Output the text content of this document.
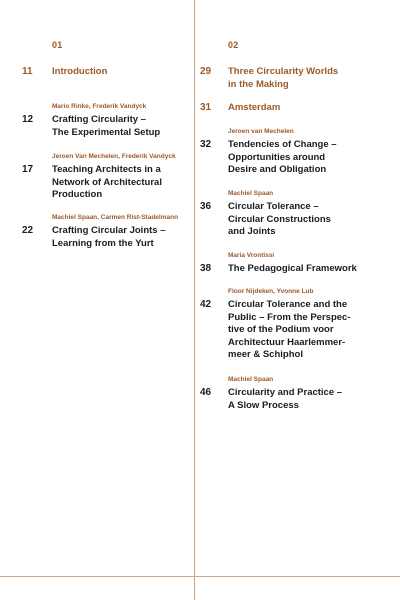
01
11 Introduction
12
Mario Rinke, Frederik Vandyck
Crafting Circularity –
The Experimental Setup
17
Jeroen Van Mechelen, Frederik Vandyck
Teaching Architects in a
Network of Architectural
Production
22
Machiel Spaan, Carmen Rist-Stadelmann
Crafting Circular Joints –
Learning from the Yurt
02
29 Three Circularity Worlds
in the Making
31 Amsterdam
32
Jeroen van Mechelen
Tendencies of Change –
Opportunities around
Desire and Obligation
36
Machiel Spaan
Circular Tolerance –
Circular Constructions
and Joints
38
Maria Vrontissi
The Pedagogical Framework
42
Floor Nijdeken, Yvonne Lub
Circular Tolerance and the
Public – From the Perspec-
tive of the Podium voor
Architectuur Haarlemmer-
meer & Schiphol
46
Machiel Spaan
Circularity and Practice –
A Slow Process
